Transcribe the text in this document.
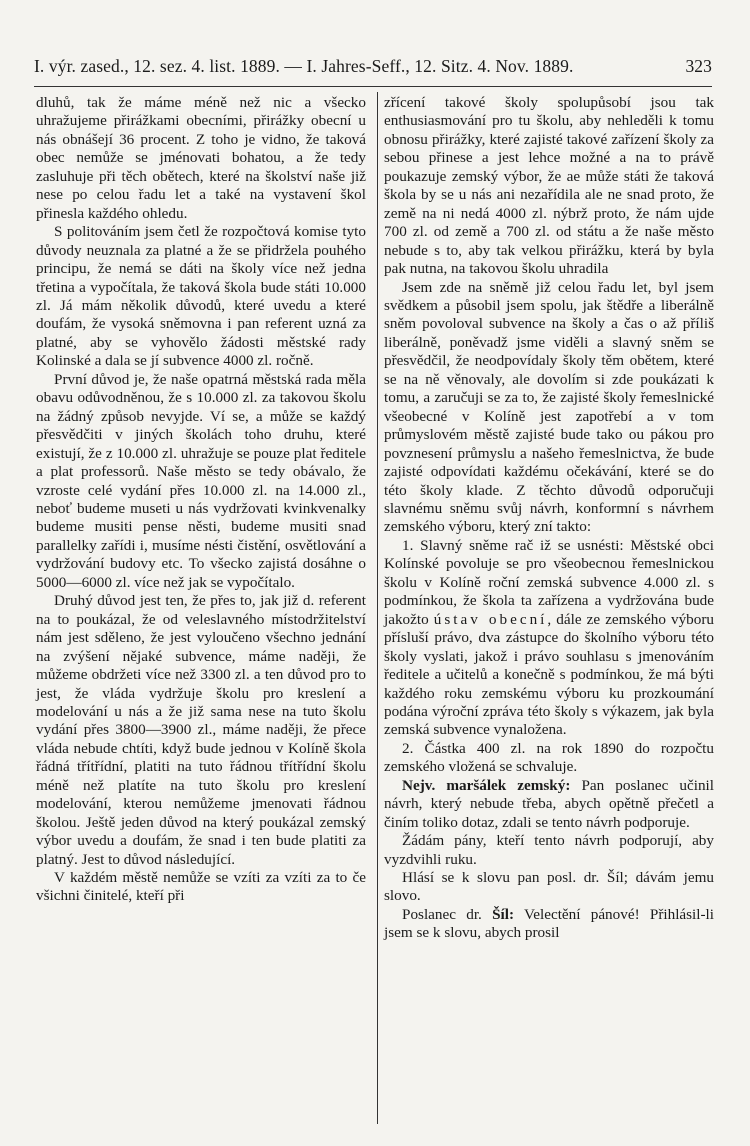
I. výr. zased., 12. sez. 4. list. 1889. — I. Jahres-Seff., 12. Sitz. 4. Nov. 1889.	323

dluhů, tak že máme méně než nic a všecko uhražujeme přirážkami obecními, přirážky obecní u nás obnášejí 36 procent. Z toho je vidno, že taková obec nemůže se jménovati bohatou, a že tedy zasluhuje při těch obětech, které na školství naše již nese po celou řadu let a také na vystavení škol přinesla každého ohledu.

S politováním jsem četl že rozpočtová komise tyto důvody neuznala za platné a že se přidržela pouhého principu, že nemá se dáti na školy více než jedna třetina a vypočítala, že taková škola bude státi 10.000 zl. Já mám několik důvodů, které uvedu a které doufám, že vysoká sněmovna i pan referent uzná za platné, aby se vyhovělo žádosti městské rady Kolinské a dala se jí subvence 4000 zl. ročně.

První důvod je, že naše opatrná městská rada měla obavu odůvodněnou, že s 10.000 zl. za takovou školu na žádný způsob nevyjde. Ví se, a může se každý přesvědčiti v jiných školách toho druhu, které existují, že z 10.000 zl. uhražuje se pouze plat ředitele a plat professorů. Naše město se tedy obávalo, že vzroste celé vydání přes 10.000 zl. na 14.000 zl., neboť budeme museti u nás vydržovati kvinkvenalky budeme musiti pense něsti, budeme musiti snad parallelky zařídi i, musíme nésti čistění, osvětlování a vydržování budovy etc. To všecko zajistá dosáhne o 5000—6000 zl. více než jak se vypočítalo.

Druhý důvod jest ten, že přes to, jak již d. referent na to poukázal, že od veleslavného místodržitelství nám jest sděleno, že jest vyloučeno všechno jednání na zvýšení nějaké subvence, máme naději, že můžeme obdržeti více než 3300 zl. a ten důvod pro to jest, že vláda vydržuje školu pro kreslení a modelování u nás a že již sama nese na tuto školu vydání přes 3800—3900 zl., máme naději, že přece vláda nebude chtíti, když bude jednou v Kolíně škola řádná třítřídní, platiti na tuto řádnou třítřídní školu méně než platíte na tuto školu pro kreslení modelování, kterou nemůžeme jmenovati řádnou školou. Ještě jeden důvod na který poukázal zemský výbor uvedu a doufám, že snad i ten bude platiti za platný. Jest to důvod následující.

V každém městě nemůže se vzíti za vzíti za to če všichni činitelé, kteří při

zřícení takové školy spolupůsobí jsou tak enthusiasmování pro tu školu, aby nehleděli k tomu obnosu přirážky, které zajisté takové zařízení školy za sebou přinese a jest lehce možné a na to právě poukazuje zemský výbor, že ae může státi že taková škola by se u nás ani nezařídila ale ne snad proto, že země na ni nedá 4000 zl. nýbrž proto, že nám ujde 700 zl. od země a 700 zl. od státu a že naše město nebude s to, aby tak velkou přirážku, která by byla pak nutna, na takovou školu uhradila

Jsem zde na sněmě již celou řadu let, byl jsem svědkem a působil jsem spolu, jak štědře a liberálně sněm povoloval subvence na školy a čas o až příliš liberálně, poněvadž jsme viděli a slavný sněm se přesvědčil, že neodpovídaly školy těm obětem, které se na ně věnovaly, ale dovolím si zde poukázati k tomu, a zaručuji se za to, že zajisté školy řemeslnické všeobecné v Kolíně jest zapotřebí a v tom průmyslovém městě zajisté bude tako ou pákou pro povznesení průmyslu a našeho řemeslnictva, že bude zajisté odpovídati každému očekávání, které se do této školy klade. Z těchto důvodů odporučuji slavnému sněmu svůj návrh, konformní s návrhem zemského výboru, který zní takto:

1. Slavný sněme rač iž se usnésti: Městské obci Kolínské povoluje se pro všeobecnou řemeslnickou školu v Kolíně roční zemská subvence 4.000 zl. s podmínkou, že škola ta zařízena a vydržována bude jakožto ústav obecní, dále ze zemského výboru přísluší právo, dva zástupce do školního výboru této školy vyslati, jakož i právo souhlasu s jmenováním ředitele a učitelů a konečně s podmínkou, že má býti každého roku zemskému výboru ku prozkoumání podána výroční zpráva této školy s výkazem, jak byla zemská subvence vynaložena.

2. Částka 400 zl. na rok 1890 do rozpočtu zemského vložená se schvaluje.

Nejv. maršálek zemský: Pan poslanec učinil návrh, který nebude třeba, abych opětně přečetl a činím toliko dotaz, zdali se tento návrh podporuje.

Žádám pány, kteří tento návrh podporují, aby vyzdvihli ruku.

Hlásí se k slovu pan posl. dr. Šíl; dávám jemu slovo.

Poslanec dr. Šíl: Velectění pánové! Přihlásil-li jsem se k slovu, abych prosil
